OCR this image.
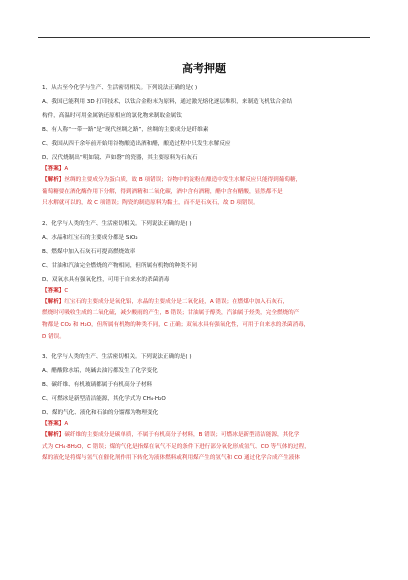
高考押题
1、从古至今化学与生产、生活密切相关。下列说法正确的是( )
A、我国已能利用 3D 打印技术，以钛合金粉末为原料，通过激光熔化逐层堆积，来制造飞机钛合金结
构件，高温时可用金属钠还原相应的氯化物来制取金属钛
B、有人称“一带一路”是“现代丝绸之路”，丝绸的主要成分是纤维素
C、我国从四千余年前开始用谷物酿造出酒和醋，酿造过程中只发生水解反应
D、汉代烧制出“明如镜、声如磬”的瓷器，其主要原料为石灰石
【答案】A
【解析】丝绸的主要成分为蛋白质，故 B 项错误；谷物中的淀粉在酿造中发生水解反应只能得到葡萄糖，
葡萄糖要在酒化酶作用下分解，得到酒精和二氧化碳，酒中含有酒精，醋中含有醋酸，显然都不是
只水解就可以的，故 C 项错误；陶瓷的制造原料为黏土，而不是石灰石，故 D 项错误。
2、化学与人类的生产、生活密切相关。下列说法正确的是( )
A、水晶和红宝石的主要成分都是 SiO₂
B、燃煤中加入石灰石可提高燃烧效率
C、甘油和汽油完全燃烧的产物相同，但所属有机物的种类不同
D、双氧水具有强氧化性，可用于自来水的杀菌消毒
【答案】C
【解析】红宝石的主要成分是氧化铝，水晶的主要成分是二氧化硅，A 错误；在燃煤中加入石灰石，
燃烧时可吸收生成的二氧化硫，减少酸雨的产生，B 错误；甘油属于醇类，汽油属于烃类，完全燃烧的产
物都是 CO₂ 和 H₂O，但所属有机物的种类不同，C 正确；双氧水具有强氧化性，可用于自来水的杀菌消毒，
D 错误。
3、化学与人类的生产、生活密切相关。下列说法正确的是( )
A、醋酸除水垢，纯碱去油污都发生了化学变化
B、碳纤维、有机玻璃都属于有机高分子材料
C、可燃冰是新型清洁能源，其化学式为 CH₄·H₂O
D、煤的气化、液化和石油的分馏都为物理变化
【答案】A
【解析】碳纤维的主要成分是碳单质，不属于有机高分子材料，B 错误；可燃冰是新型清洁能源，其化学
式为 CH₄·8H₂O，C 错误；煤的气化是指煤在氧气不足的条件下进行部分氧化形成氢气、CO 等气体的过程，
煤的液化是将煤与氢气在催化剂作用下转化为液体燃料或利用煤产生的氢气和 CO 通过化学合成产生液体
